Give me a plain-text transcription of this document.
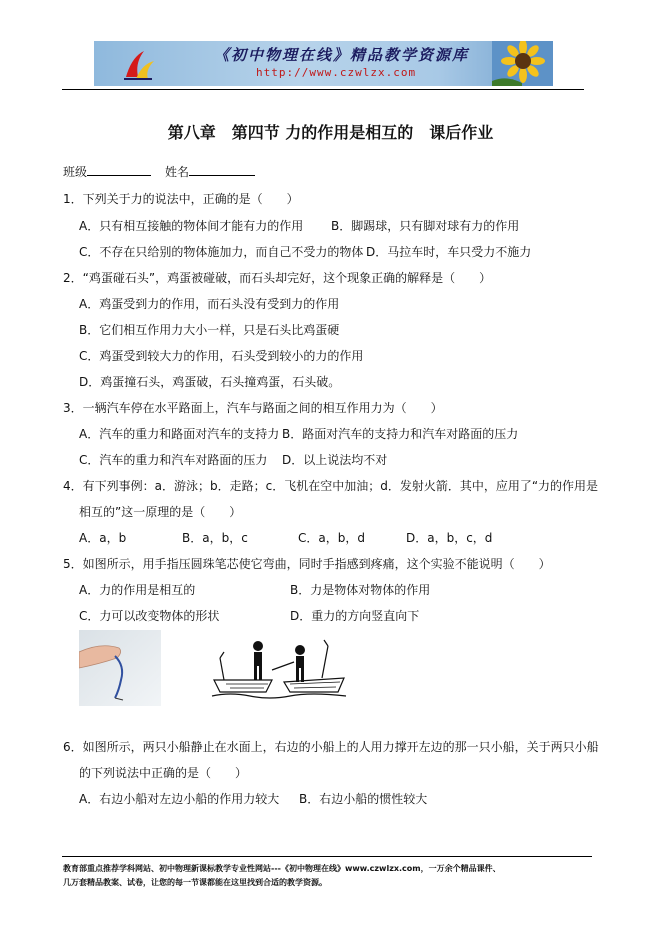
《初中物理在线》精品教学资源库
http://www.czwlzx.com
第八章　第四节 力的作用是相互的　课后作业
班级	姓名
1．下列关于力的说法中，正确的是（　　）
A．只有相互接触的物体间才能有力的作用 B．脚踢球，只有脚对球有力的作用
C．不存在只给别的物体施加力，而自己不受力的物体 D．马拉车时，车只受力不施力
2．“鸡蛋碰石头”，鸡蛋被碰破，而石头却完好，这个现象正确的解释是（　　）
A．鸡蛋受到力的作用，而石头没有受到力的作用
B．它们相互作用力大小一样，只是石头比鸡蛋硬
C．鸡蛋受到较大力的作用，石头受到较小的力的作用
D．鸡蛋撞石头，鸡蛋破，石头撞鸡蛋，石头破。
3．一辆汽车停在水平路面上，汽车与路面之间的相互作用力为（　　）
A．汽车的重力和路面对汽车的支持力 B．路面对汽车的支持力和汽车对路面的压力
C．汽车的重力和汽车对路面的压力 D．以上说法均不对
4．有下列事例：a．游泳；b．走路；c．飞机在空中加油；d．发射火箭．其中，应用了“力的作用是
相互的”这一原理的是（　　）
A．a，b	B．a，b，c	C．a，b，d	D．a，b，c，d
5．如图所示，用手指压圆珠笔芯使它弯曲，同时手指感到疼痛，这个实验不能说明（　　）
A．力的作用是相互的	B．力是物体对物体的作用
C．力可以改变物体的形状	D．重力的方向竖直向下
6．如图所示，两只小船静止在水面上，右边的小船上的人用力撑开左边的那一只小船，关于两只小船
的下列说法中正确的是（　　）
A．右边小船对左边小船的作用力较大 B．右边小船的惯性较大
教育部重点推荐学科网站、初中物理新课标教学专业性网站---《初中物理在线》www.czwlzx.com，一万余个精品课件、
几万套精品教案、试卷，让您的每一节课都能在这里找到合适的教学资源。
